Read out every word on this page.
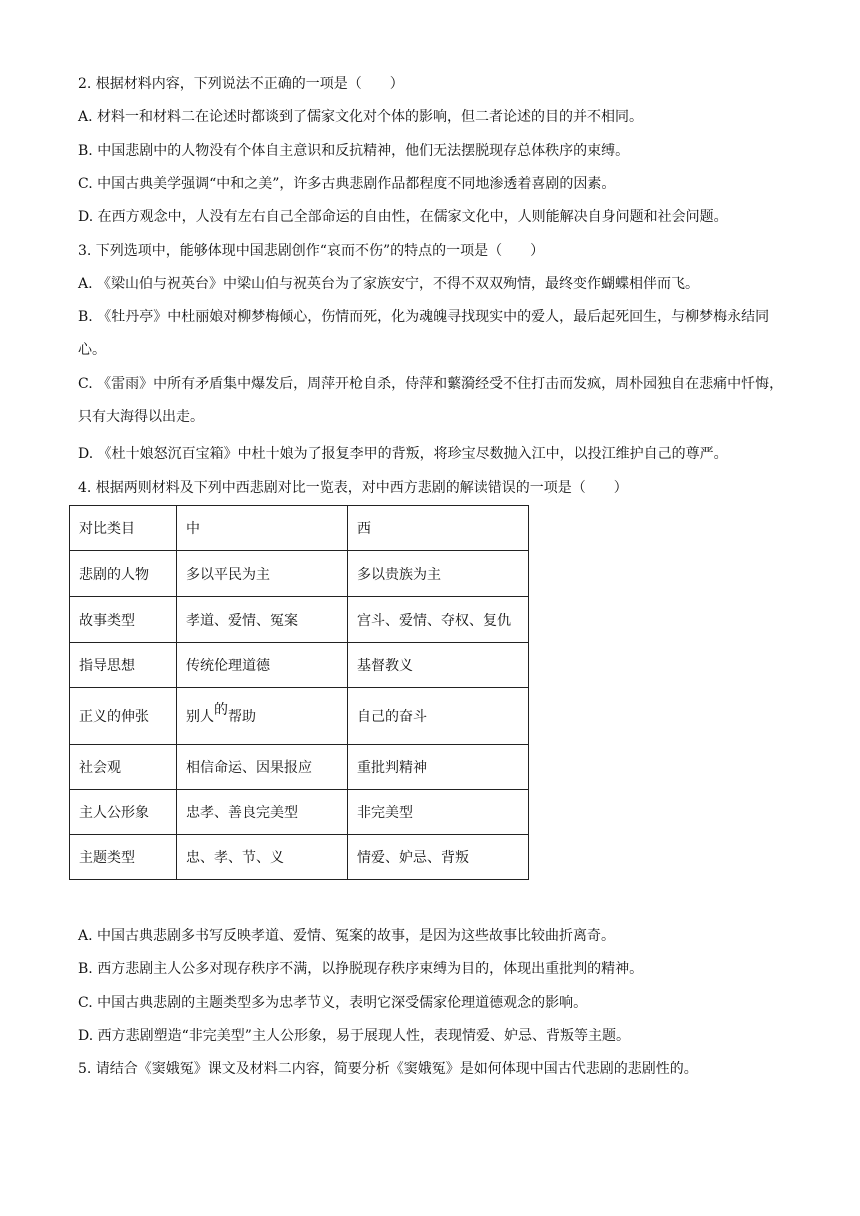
2. 根据材料内容，下列说法不正确的一项是（　　）
A. 材料一和材料二在论述时都谈到了儒家文化对个体的影响，但二者论述的目的并不相同。
B. 中国悲剧中的人物没有个体自主意识和反抗精神，他们无法摆脱现存总体秩序的束缚。
C. 中国古典美学强调“中和之美”，许多古典悲剧作品都程度不同地渗透着喜剧的因素。
D. 在西方观念中，人没有左右自己全部命运的自由性，在儒家文化中，人则能解决自身问题和社会问题。
3. 下列选项中，能够体现中国悲剧创作“哀而不伤”的特点的一项是（　　）
A. 《梁山伯与祝英台》中梁山伯与祝英台为了家族安宁，不得不双双殉情，最终变作蝴蝶相伴而飞。
B. 《牡丹亭》中杜丽娘对柳梦梅倾心，伤情而死，化为魂魄寻找现实中的爱人，最后起死回生，与柳梦梅永结同心。
C. 《雷雨》中所有矛盾集中爆发后，周萍开枪自杀，侍萍和蘩漪经受不住打击而发疯，周朴园独自在悲痛中忏悔，只有大海得以出走。
D. 《杜十娘怒沉百宝箱》中杜十娘为了报复李甲的背叛，将珍宝尽数抛入江中，以投江维护自己的尊严。
4. 根据两则材料及下列中西悲剧对比一览表，对中西方悲剧的解读错误的一项是（　　）
对比类目	中	西
悲剧的人物	多以平民为主	多以贵族为主
故事类型	孝道、爱情、冤案	宫斗、爱情、夺权、复仇
指导思想	传统伦理道德	基督教义
正义的伸张	别人的帮助	自己的奋斗
社会观	相信命运、因果报应	重批判精神
主人公形象	忠孝、善良完美型	非完美型
主题类型	忠、孝、节、义	情爱、妒忌、背叛
A. 中国古典悲剧多书写反映孝道、爱情、冤案的故事，是因为这些故事比较曲折离奇。
B. 西方悲剧主人公多对现存秩序不满，以挣脱现存秩序束缚为目的，体现出重批判的精神。
C. 中国古典悲剧的主题类型多为忠孝节义，表明它深受儒家伦理道德观念的影响。
D. 西方悲剧塑造“非完美型”主人公形象，易于展现人性，表现情爱、妒忌、背叛等主题。
5. 请结合《窦娥冤》课文及材料二内容，简要分析《窦娥冤》是如何体现中国古代悲剧的悲剧性的。
